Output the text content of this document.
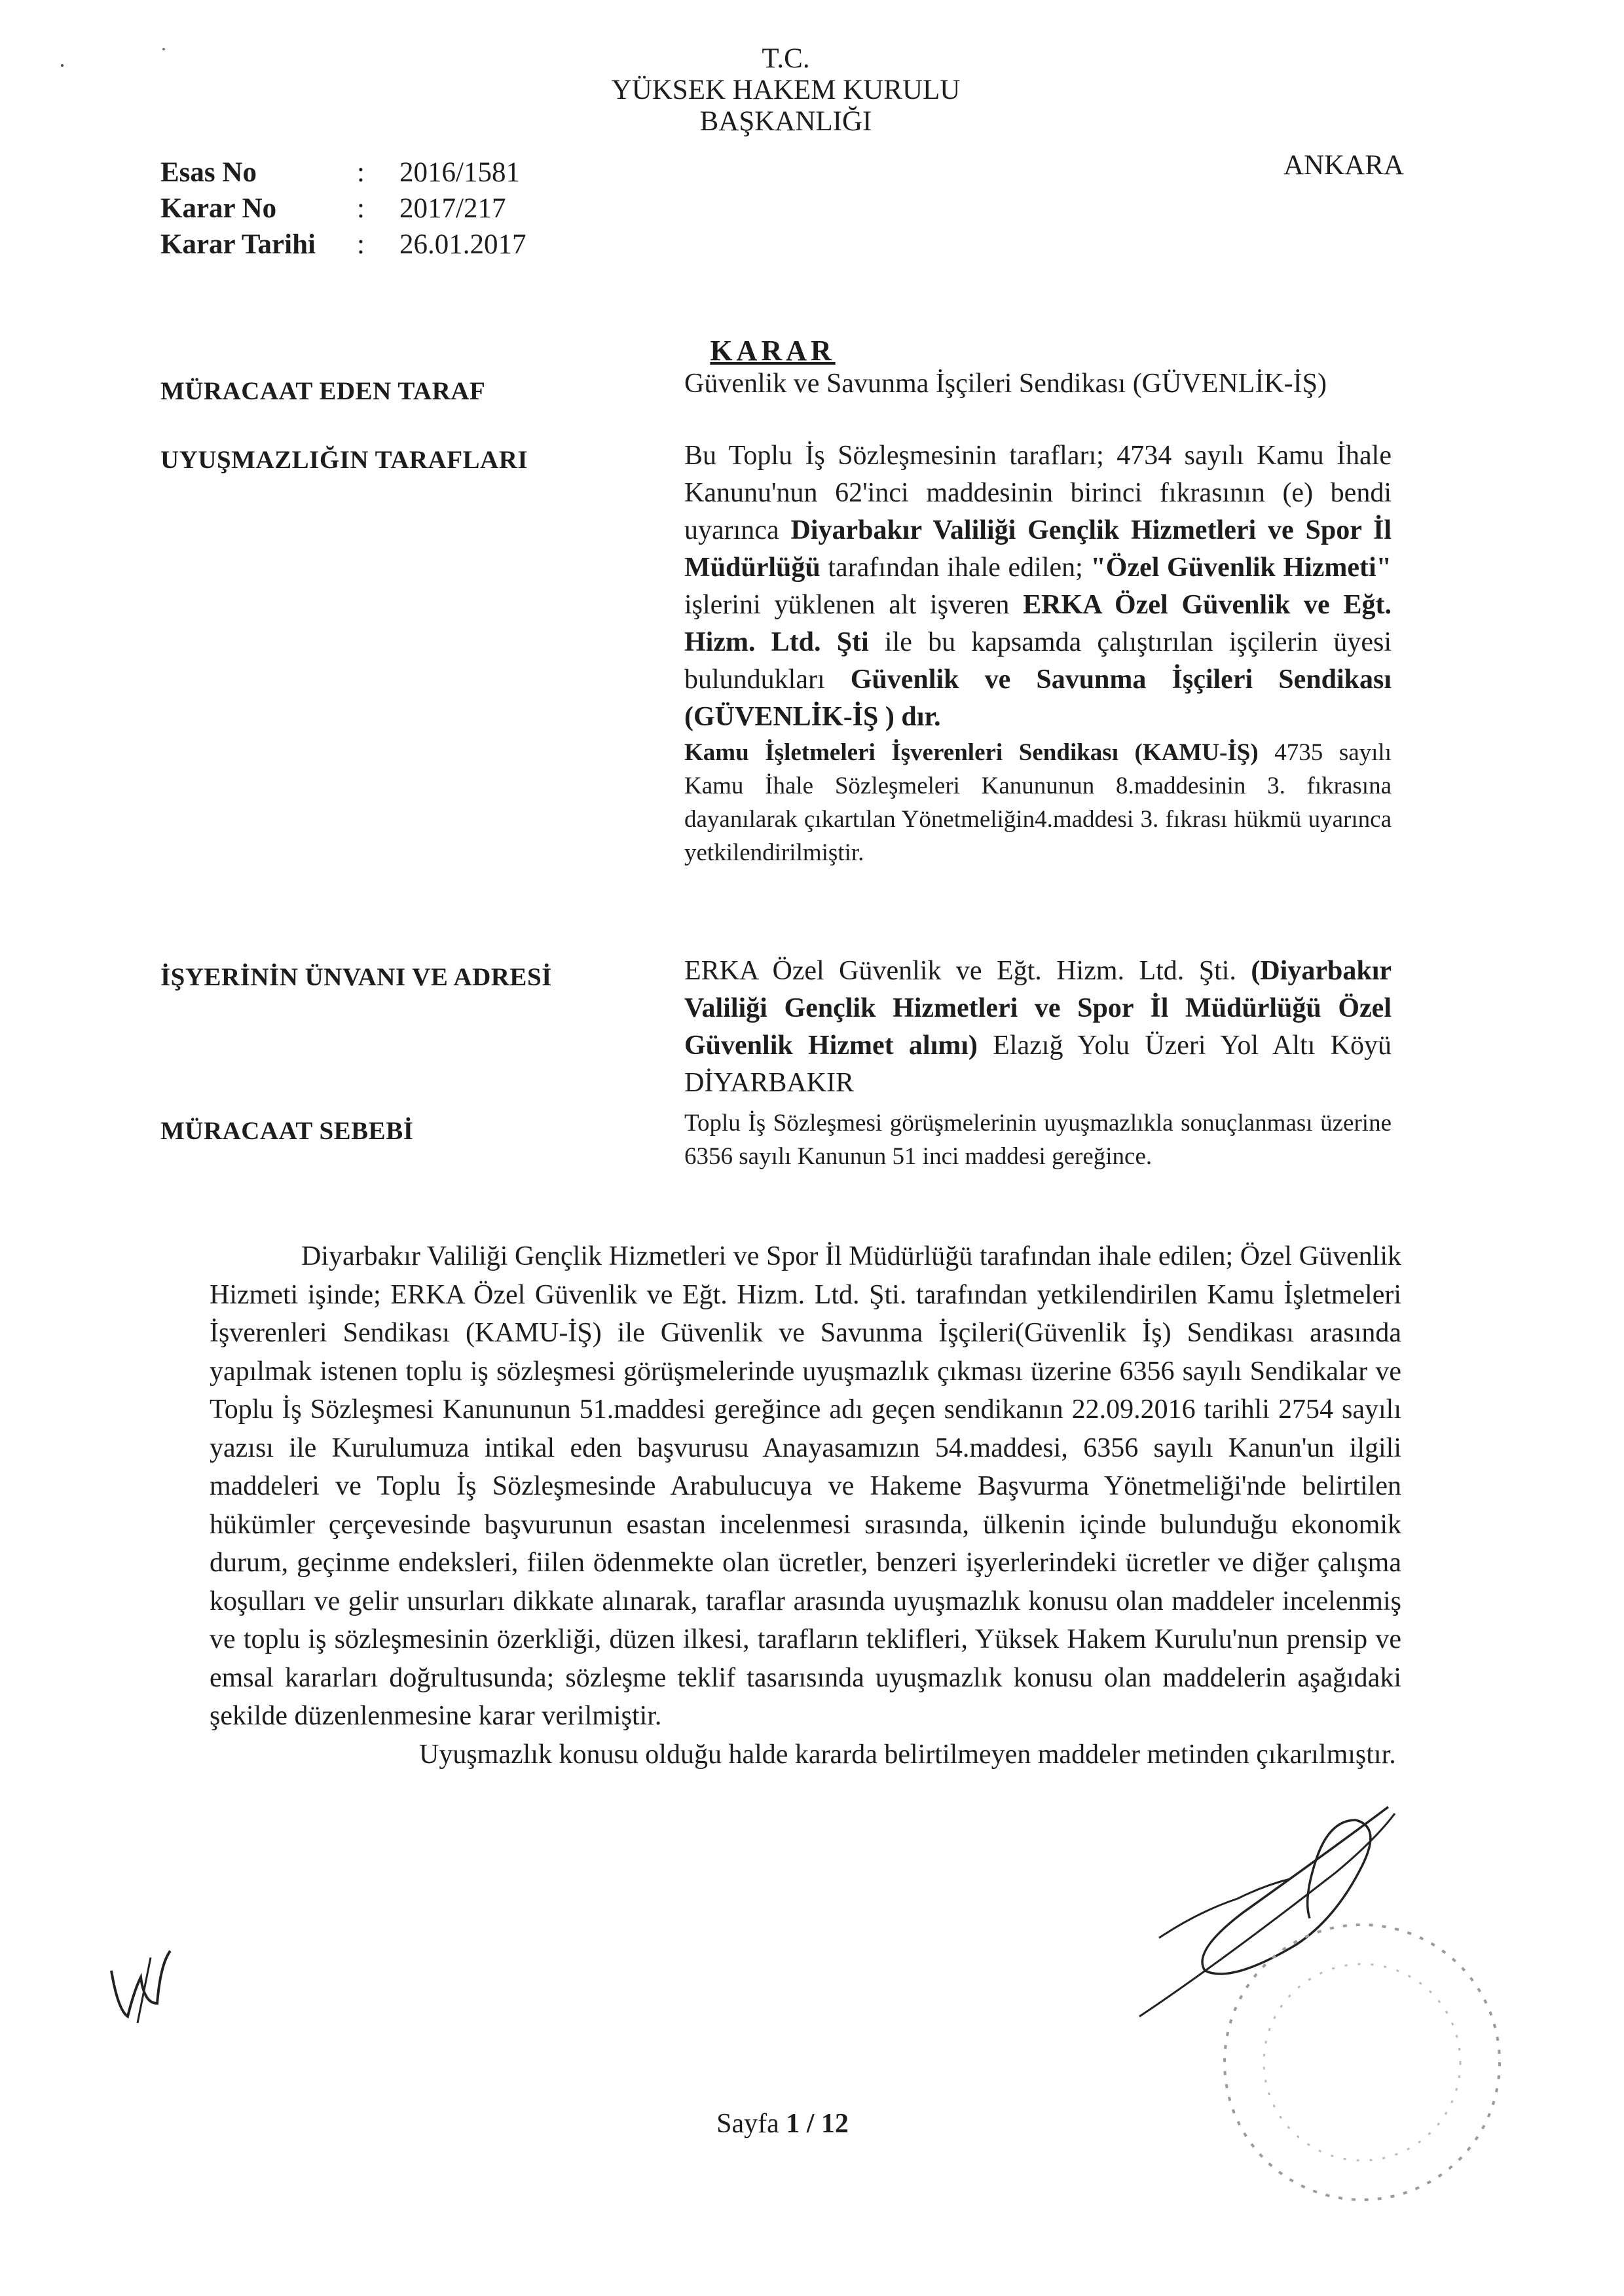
T.C.
YÜKSEK HAKEM KURULU
BAŞKANLIĞI
Esas No	: 2016/1581
Karar No	: 2017/217
Karar Tarihi : 26.01.2017
ANKARA
KARAR
MÜRACAAT EDEN TARAF	Güvenlik ve Savunma İşçileri Sendikası (GÜVENLİK-İŞ)
UYUŞMAZLIĞIN TARAFLARI	Bu Toplu İş Sözleşmesinin tarafları; 4734 sayılı Kamu İhale Kanunu'nun 62'inci maddesinin birinci fıkrasının (e) bendi uyarınca Diyarbakır Valiliği Gençlik Hizmetleri ve Spor İl Müdürlüğü tarafından ihale edilen; "Özel Güvenlik Hizmeti" işlerini yüklenen alt işveren ERKA Özel Güvenlik ve Eğt. Hizm. Ltd. Şti ile bu kapsamda çalıştırılan işçilerin üyesi bulundukları Güvenlik ve Savunma İşçileri Sendikası (GÜVENLİK-İŞ ) dır.
Kamu İşletmeleri İşverenleri Sendikası (KAMU-İŞ) 4735 sayılı Kamu İhale Sözleşmeleri Kanununun 8.maddesinin 3. fıkrasına dayanılarak çıkartılan Yönetmeliğin4.maddesi 3. fıkrası hükmü uyarınca yetkilendirilmiştir.
İŞYERİNİN ÜNVANI VE ADRESİ	ERKA Özel Güvenlik ve Eğt. Hizm. Ltd. Şti. (Diyarbakır Valiliği Gençlik Hizmetleri ve Spor İl Müdürlüğü Özel Güvenlik Hizmet alımı) Elazığ Yolu Üzeri Yol Altı Köyü DİYARBAKIR
MÜRACAAT SEBEBİ	Toplu İş Sözleşmesi görüşmelerinin uyuşmazlıkla sonuçlanması üzerine 6356 sayılı Kanunun 51 inci maddesi gereğince.

Diyarbakır Valiliği Gençlik Hizmetleri ve Spor İl Müdürlüğü tarafından ihale edilen; Özel Güvenlik Hizmeti işinde; ERKA Özel Güvenlik ve Eğt. Hizm. Ltd. Şti. tarafından yetkilendirilen Kamu İşletmeleri İşverenleri Sendikası (KAMU-İŞ) ile Güvenlik ve Savunma İşçileri(Güvenlik İş) Sendikası arasında yapılmak istenen toplu iş sözleşmesi görüşmelerinde uyuşmazlık çıkması üzerine 6356 sayılı Sendikalar ve Toplu İş Sözleşmesi Kanununun 51.maddesi gereğince adı geçen sendikanın 22.09.2016 tarihli 2754 sayılı yazısı ile Kurulumuza intikal eden başvurusu Anayasamızın 54.maddesi, 6356 sayılı Kanun'un ilgili maddeleri ve Toplu İş Sözleşmesinde Arabulucuya ve Hakeme Başvurma Yönetmeliği'nde belirtilen hükümler çerçevesinde başvurunun esastan incelenmesi sırasında, ülkenin içinde bulunduğu ekonomik durum, geçinme endeksleri, fiilen ödenmekte olan ücretler, benzeri işyerlerindeki ücretler ve diğer çalışma koşulları ve gelir unsurları dikkate alınarak, taraflar arasında uyuşmazlık konusu olan maddeler incelenmiş ve toplu iş sözleşmesinin özerkliği, düzen ilkesi, tarafların teklifleri, Yüksek Hakem Kurulu'nun prensip ve emsal kararları doğrultusunda; sözleşme teklif tasarısında uyuşmazlık konusu olan maddelerin aşağıdaki şekilde düzenlenmesine karar verilmiştir.

Uyuşmazlık konusu olduğu halde kararda belirtilmeyen maddeler metinden çıkarılmıştır.

Sayfa 1 / 12
